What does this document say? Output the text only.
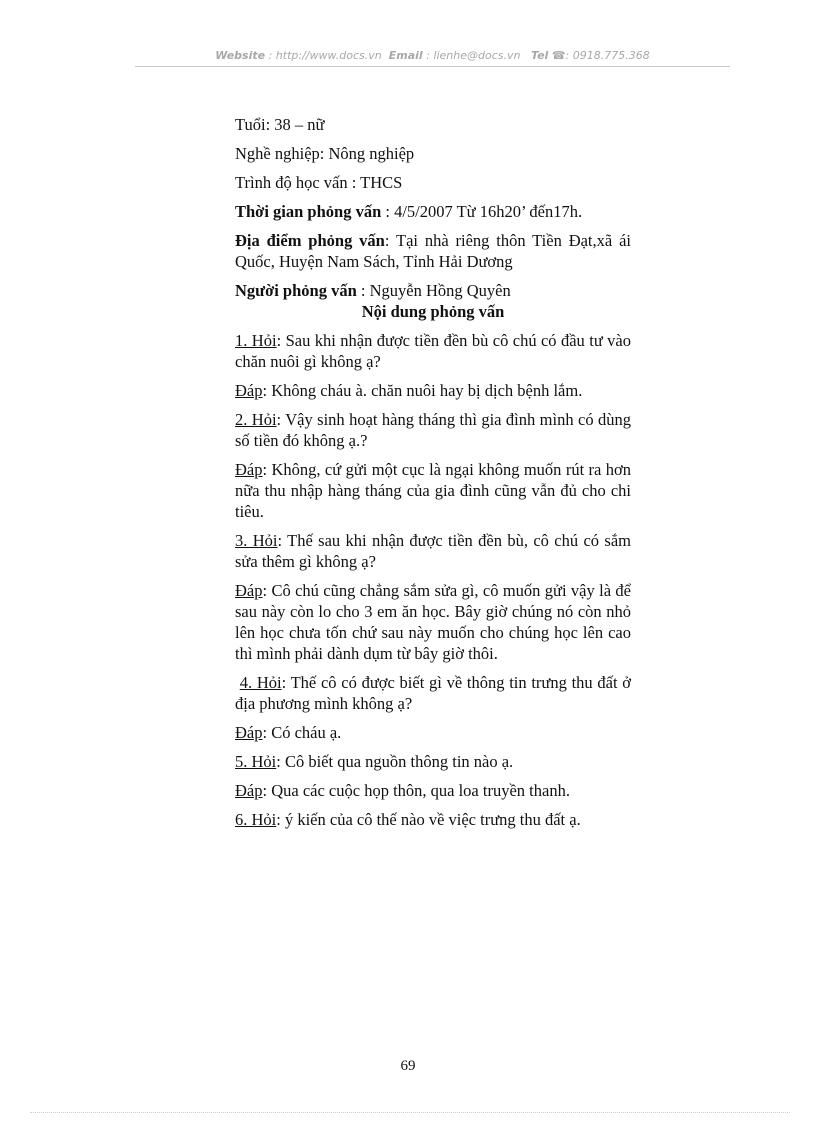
Website : http://www.docs.vn Email : lienhe@docs.vn Tel ☎: 0918.775.368

Tuổi: 38 – nữ

Nghề nghiệp: Nông nghiệp

Trình độ học vấn : THCS

Thời gian phỏng vấn : 4/5/2007 Từ 16h20’ đến17h.

Địa điểm phỏng vấn: Tại nhà riêng thôn Tiền Đạt,xã ái Quốc, Huyện Nam Sách, Tỉnh Hải Dương

Người phỏng vấn : Nguyễn Hồng Quyên

Nội dung phỏng vấn

1. Hỏi: Sau khi nhận được tiền đền bù cô chú có đầu tư vào chăn nuôi gì không ạ?

Đáp: Không cháu à. chăn nuôi hay bị dịch bệnh lắm.

2. Hỏi: Vậy sinh hoạt hàng tháng thì gia đình mình có dùng số tiền đó không ạ.?

Đáp: Không, cứ gửi một cục là ngại không muốn rút ra hơn nữa thu nhập hàng tháng của gia đình cũng vẫn đủ cho chi tiêu.

3. Hỏi: Thế sau khi nhận được tiền đền bù, cô chú có sắm sửa thêm gì không ạ?

Đáp: Cô chú cũng chẳng sắm sửa gì, cô muốn gửi vậy là để sau này còn lo cho 3 em ăn học. Bây giờ chúng nó còn nhỏ lên học chưa tốn chứ sau này muốn cho chúng học lên cao thì mình phải dành dụm từ bây giờ thôi.

4. Hỏi: Thế cô có được biết gì về thông tin trưng thu đất ở địa phương mình không ạ?

Đáp: Có cháu ạ.

5. Hỏi: Cô biết qua nguồn thông tin nào ạ.

Đáp: Qua các cuộc họp thôn, qua loa truyền thanh.

6. Hỏi: ý kiến của cô thế nào về việc trưng thu đất ạ.

69
